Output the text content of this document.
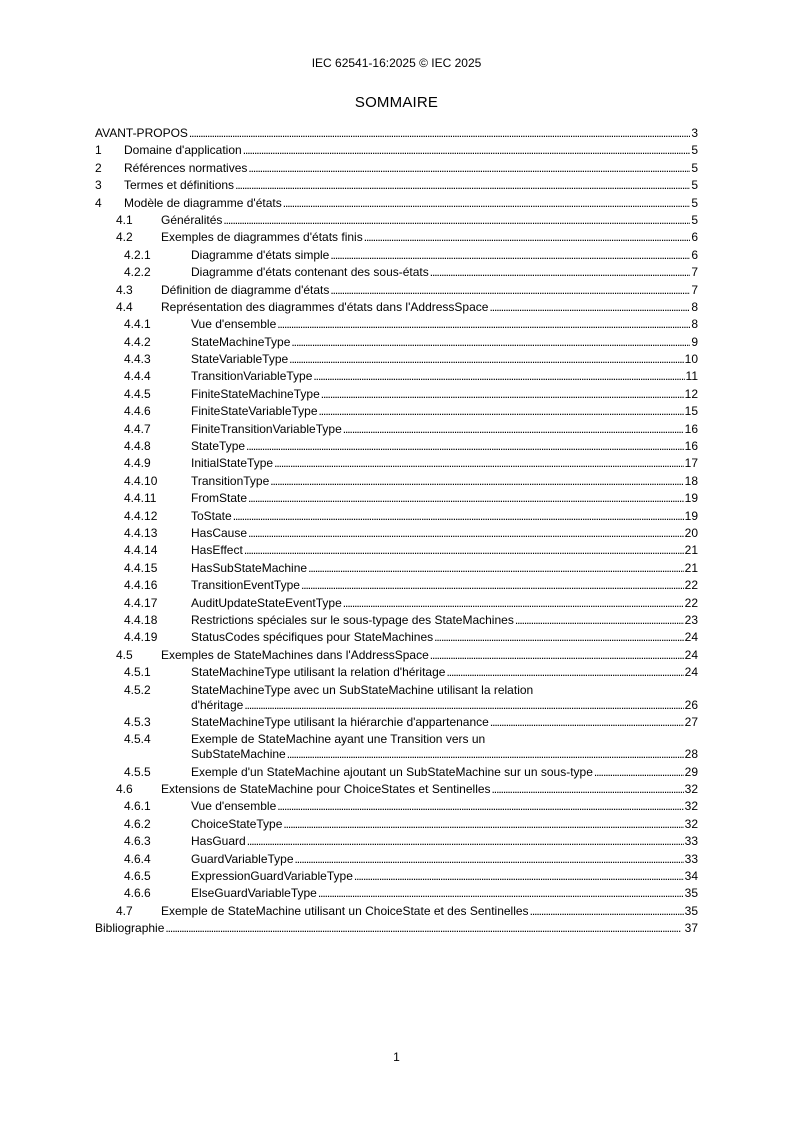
IEC 62541-16:2025 © IEC 2025
SOMMAIRE
AVANT-PROPOS . . .	3
1 Domaine d'application . . .	5
2 Références normatives . . .	5
3 Termes et définitions . . .	5
4 Modèle de diagramme d'états . . .	5
4.1 Généralités . . .	5
4.2 Exemples de diagrammes d'états finis . . .	6
4.2.1	Diagramme d'états simple . . .	6
4.2.2	Diagramme d'états contenant des sous-états . . .	7
4.3 Définition de diagramme d'états . . .	7
4.4 Représentation des diagrammes d'états dans l'AddressSpace . . .	8
4.4.1	Vue d'ensemble . . .	8
4.4.2	StateMachineType . . .	9
4.4.3	StateVariableType . . .	10
4.4.4	TransitionVariableType . . .	11
4.4.5	FiniteStateMachineType . . .	12
4.4.6	FiniteStateVariableType . . .	15
4.4.7	FiniteTransitionVariableType . . .	16
4.4.8	StateType . . .	16
4.4.9	InitialStateType . . .	17
4.4.10	TransitionType . . .	18
4.4.11	FromState . . .	19
4.4.12	ToState . . .	19
4.4.13	HasCause . . .	20
4.4.14	HasEffect . . .	21
4.4.15	HasSubStateMachine . . .	21
4.4.16	TransitionEventType . . .	22
4.4.17	AuditUpdateStateEventType . . .	22
4.4.18	Restrictions spéciales sur le sous-typage des StateMachines . . .	23
4.4.19	StatusCodes spécifiques pour StateMachines . . .	24
4.5 Exemples de StateMachines dans l'AddressSpace . . .	24
4.5.1	StateMachineType utilisant la relation d'héritage . . .	24
4.5.2	StateMachineType avec un SubStateMachine utilisant la relation
d'héritage . . .	26
4.5.3	StateMachineType utilisant la hiérarchie d'appartenance . . .	27
4.5.4	Exemple de StateMachine ayant une Transition vers un
SubStateMachine . . .	28
4.5.5	Exemple d'un StateMachine ajoutant un SubStateMachine sur un sous-type . . .	29
4.6 Extensions de StateMachine pour ChoiceStates et Sentinelles . . .	32
4.6.1	Vue d'ensemble . . .	32
4.6.2	ChoiceStateType . . .	32
4.6.3	HasGuard . . .	33
4.6.4	GuardVariableType . . .	33
4.6.5	ExpressionGuardVariableType . . .	34
4.6.6	ElseGuardVariableType . . .	35
4.7 Exemple de StateMachine utilisant un ChoiceState et des Sentinelles . . .	35
Bibliographie . . .	37
1
